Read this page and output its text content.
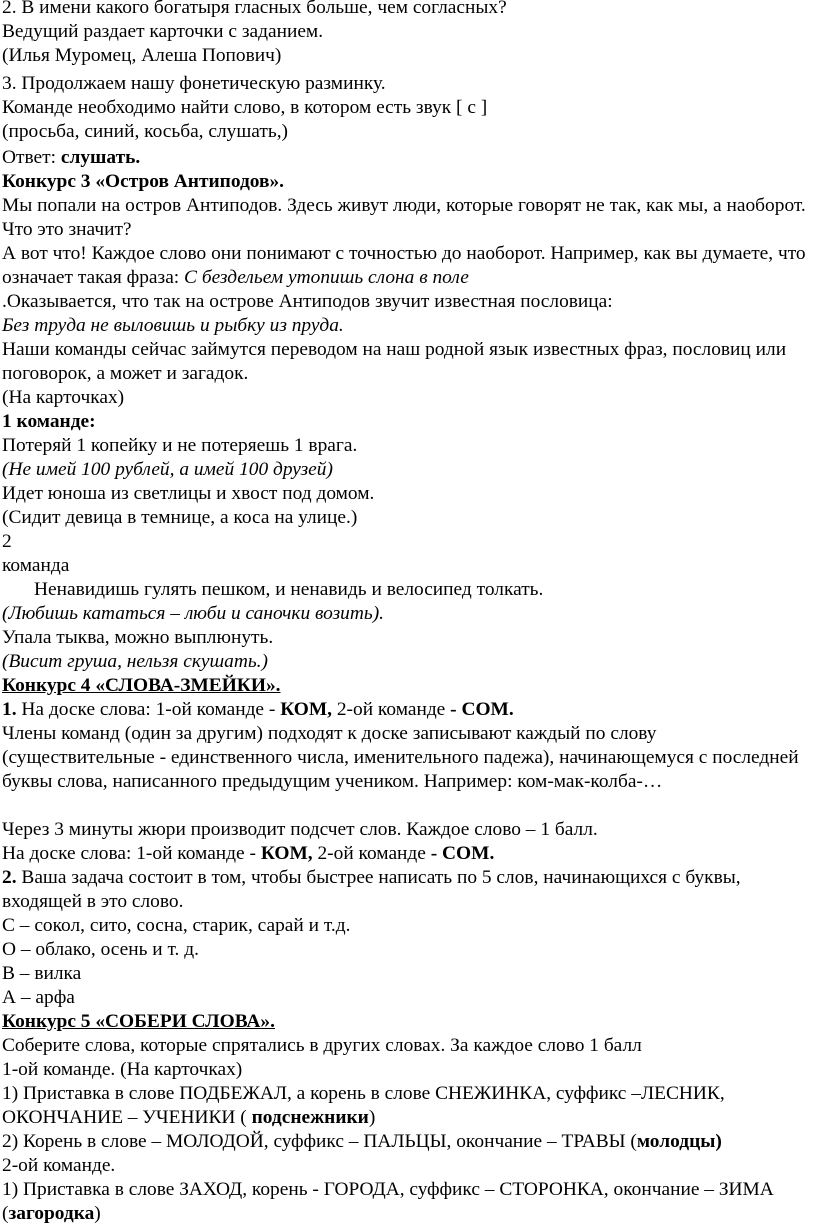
2. В имени какого богатыря гласных больше, чем согласных?

Ведущий раздает карточки с заданием.

(Илья Муромец, Алеша Попович)

3. Продолжаем нашу фонетическую разминку.

Команде необходимо найти слово, в котором есть звук [ с ]

(просьба, синий, косьба, слушать,)

Ответ: слушать.

Конкурс 3 «Остров Антиподов».

Мы попали на остров Антиподов. Здесь живут люди, которые говорят не так, как мы, а наоборот. Что это значит?

А вот что! Каждое слово они понимают с точностью до наоборот. Например, как вы думаете, что означает такая фраза: С бездельем утопишь слона в поле

.Оказывается, что так на острове Антиподов звучит известная пословица:

Без труда не выловишь и рыбку из пруда.

Наши команды сейчас займутся переводом на наш родной язык известных фраз, пословиц или поговорок, а может и загадок.

(На карточках)

1 команде:

Потеряй 1 копейку и не потеряешь 1 врага.

(Не имей 100 рублей, а имей 100 друзей)

Идет юноша из светлицы и хвост под домом.

(Сидит девица в темнице, а коса на улице.)

2

команда

Ненавидишь гулять пешком, и ненавидь и велосипед толкать.

(Любишь кататься – люби и саночки возить).

Упала тыква, можно выплюнуть.

(Висит груша, нельзя скушать.)

Конкурс 4 «СЛОВА-ЗМЕЙКИ».

1. На доске слова: 1-ой команде - КОМ, 2-ой команде - СОМ.

Члены команд (один за другим) подходят к доске записывают каждый по слову (существительные - единственного числа, именительного падежа), начинающемуся с последней буквы слова, написанного предыдущим учеником. Например: ком-мак-колба-…

Через 3 минуты жюри производит подсчет слов. Каждое слово – 1 балл.

На доске слова: 1-ой команде - КОМ, 2-ой команде - СОМ.

2. Ваша задача состоит в том, чтобы быстрее написать по 5 слов, начинающихся с буквы, входящей в это слово.

С – сокол, сито, сосна, старик, сарай и т.д.

О – облако, осень и т. д.

В – вилка

А – арфа

Конкурс 5 «СОБЕРИ СЛОВА».

Соберите слова, которые спрятались в других словах. За каждое слово 1 балл

1-ой команде. (На карточках)

1) Приставка в слове ПОДБЕЖАЛ, а корень в слове СНЕЖИНКА, суффикс –ЛЕСНИК, ОКОНЧАНИЕ – УЧЕНИКИ ( подснежники)

2) Корень в слове – МОЛОДОЙ, суффикс – ПАЛЬЦЫ, окончание – ТРАВЫ (молодцы)

2-ой команде.

1) Приставка в слове ЗАХОД, корень - ГОРОДА, суффикс – СТОРОНКА, окончание – ЗИМА (загородка)
